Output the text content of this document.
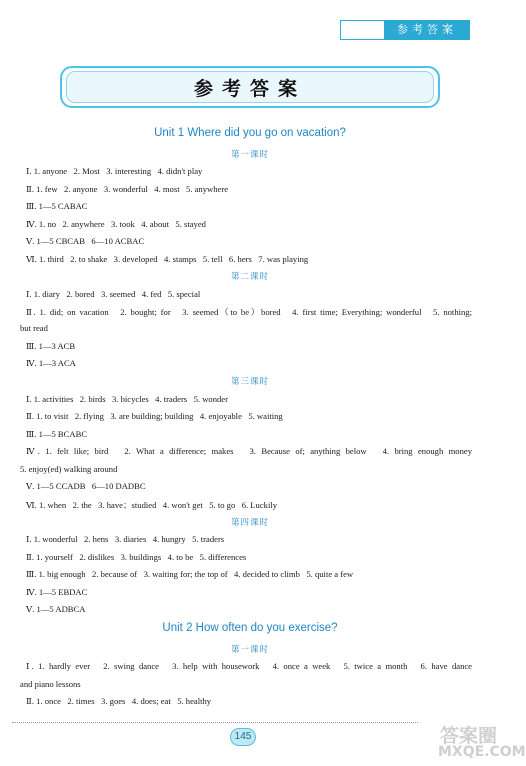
参考答案
参考答案
Unit 1 Where did you go on vacation?
第一课时
Ⅰ. 1. anyone   2. Most   3. interesting   4. didn't play
Ⅱ. 1. few   2. anyone   3. wonderful   4. most   5. anywhere
Ⅲ. 1—5 CABAC
Ⅳ. 1. no   2. anywhere   3. took   4. about   5. stayed
Ⅴ. 1—5 CBCAB   6—10 ACBAC
Ⅵ. 1. third   2. to shake   3. developed   4. stamps   5. tell   6. hers   7. was playing
第二课时
Ⅰ. 1. diary   2. bored   3. seemed   4. fed   5. special
Ⅱ. 1. did; on vacation   2. bought; for   3. seemed（to be）bored   4. first time; Everything; wonderful   5. nothing;
but read
Ⅲ. 1—3 ACB
Ⅳ. 1—3 ACA
第三课时
Ⅰ. 1. activities   2. birds   3. bicycles   4. traders   5. wonder
Ⅱ. 1. to visit   2. flying   3. are building; building   4. enjoyable   5. waiting
Ⅲ. 1—5 BCABC
Ⅳ. 1. felt like; bird   2. What a difference; makes   3. Because of; anything below   4. bring enough money
5. enjoy(ed) walking around
Ⅴ. 1—5 CCADB   6—10 DADBC
Ⅵ. 1. when   2. the   3. have；studied   4. won't get   5. to go   6. Luckily
第四课时
Ⅰ. 1. wonderful   2. hens   3. diaries   4. hungry   5. traders
Ⅱ. 1. yourself   2. dislikes   3. buildings   4. to be   5. differences
Ⅲ. 1. big enough   2. because of   3. waiting for; the top of   4. decided to climb   5. quite a few
Ⅳ. 1—5 EBDAC
Ⅴ. 1—5 ADBCA
Unit 2 How often do you exercise?
第一课时
Ⅰ. 1. hardly ever   2. swing dance   3. help with housework   4. once a week   5. twice a month   6. have dance
and piano lessons
Ⅱ. 1. once   2. times   3. goes   4. does; eat   5. healthy
145	答案圈
MXQE.COM
